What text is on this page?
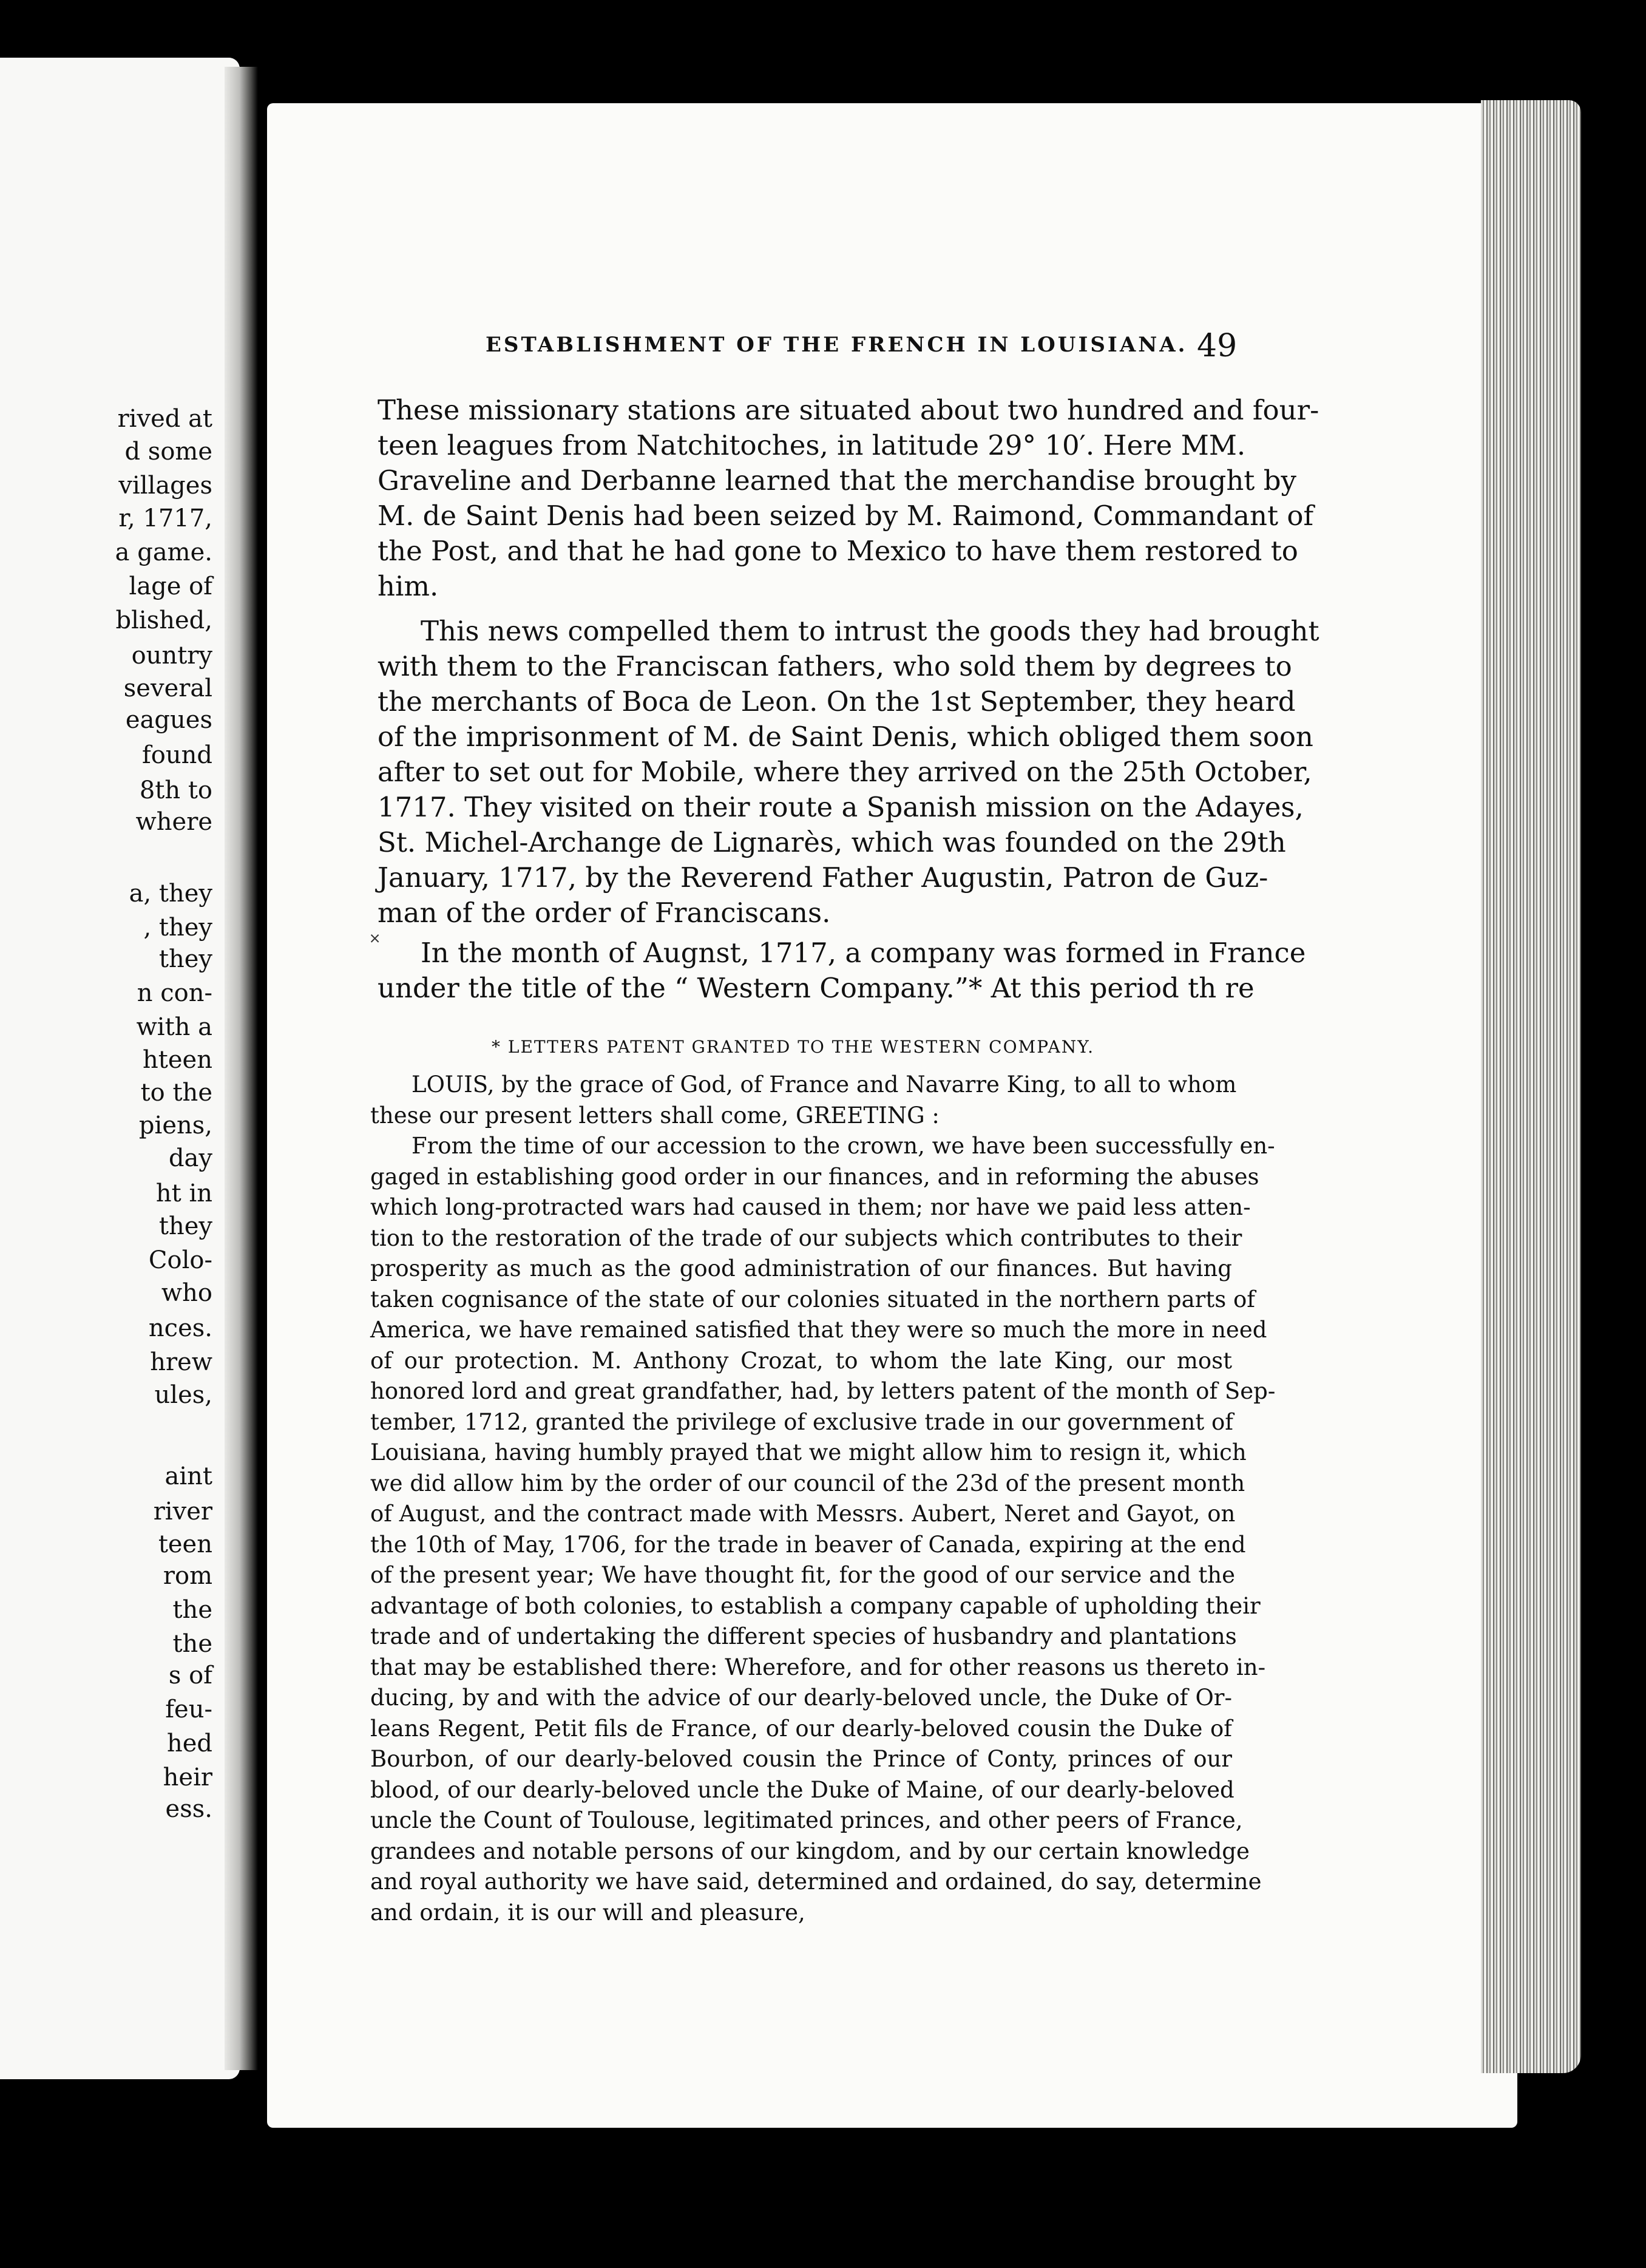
rived at
d some
villages
r, 1717,
a game.
lage of
blished,
ountry
several
eagues
found
8th to
where
a, they
, they
they
n con-
with a
hteen
to the
piens,
day
ht in
they
Colo-
who
nces.
hrew
ules,
aint
river
teen
rom
the
the
s of
feu-
hed
heir
ess.
ESTABLISHMENT OF THE FRENCH IN LOUISIANA. 49
These missionary stations are situated about two hundred and four-
teen leagues from Natchitoches, in latitude 29° 10′. Here MM.
Graveline and Derbanne learned that the merchandise brought by
M. de Saint Denis had been seized by M. Raimond, Commandant of
the Post, and that he had gone to Mexico to have them restored to
him.
This news compelled them to intrust the goods they had brought
with them to the Franciscan fathers, who sold them by degrees to
the merchants of Boca de Leon. On the 1st September, they heard
of the imprisonment of M. de Saint Denis, which obliged them soon
after to set out for Mobile, where they arrived on the 25th October,
1717. They visited on their route a Spanish mission on the Adayes,
St. Michel-Archange de Lignarès, which was founded on the 29th
January, 1717, by the Reverend Father Augustin, Patron de Guz-
man of the order of Franciscans.
In the month of Augnst, 1717, a company was formed in France
under the title of the “ Western Company.”* At this period th re
* LETTERS PATENT GRANTED TO THE WESTERN COMPANY.
LOUIS, by the grace of God, of France and Navarre King, to all to whom
these our present letters shall come, GREETING :
From the time of our accession to the crown, we have been successfully en-
gaged in establishing good order in our finances, and in reforming the abuses
which long-protracted wars had caused in them; nor have we paid less atten-
tion to the restoration of the trade of our subjects which contributes to their
prosperity as much as the good administration of our finances. But having
taken cognisance of the state of our colonies situated in the northern parts of
America, we have remained satisfied that they were so much the more in need
of our protection. M. Anthony Crozat, to whom the late King, our most
honored lord and great grandfather, had, by letters patent of the month of Sep-
tember, 1712, granted the privilege of exclusive trade in our government of
Louisiana, having humbly prayed that we might allow him to resign it, which
we did allow him by the order of our council of the 23d of the present month
of August, and the contract made with Messrs. Aubert, Neret and Gayot, on
the 10th of May, 1706, for the trade in beaver of Canada, expiring at the end
of the present year; We have thought fit, for the good of our service and the
advantage of both colonies, to establish a company capable of upholding their
trade and of undertaking the different species of husbandry and plantations
that may be established there: Wherefore, and for other reasons us thereto in-
ducing, by and with the advice of our dearly-beloved uncle, the Duke of Or-
leans Regent, Petit fils de France, of our dearly-beloved cousin the Duke of
Bourbon, of our dearly-beloved cousin the Prince of Conty, princes of our
blood, of our dearly-beloved uncle the Duke of Maine, of our dearly-beloved
uncle the Count of Toulouse, legitimated princes, and other peers of France,
grandees and notable persons of our kingdom, and by our certain knowledge
and royal authority we have said, determined and ordained, do say, determine
and ordain, it is our will and pleasure,
˟
